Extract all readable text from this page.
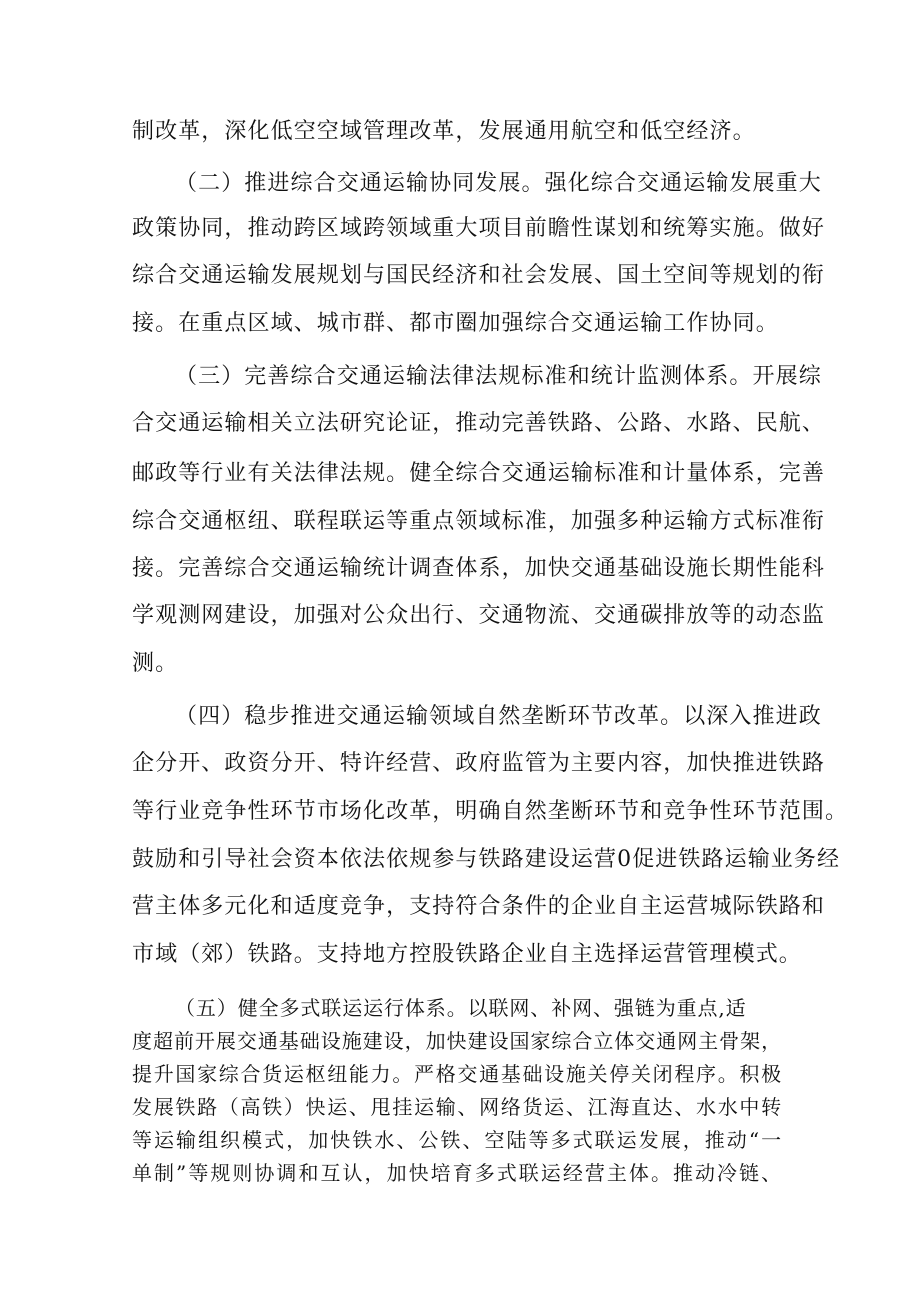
制改革，深化低空空域管理改革，发展通用航空和低空经济。

（二）推进综合交通运输协同发展。强化综合交通运输发展重大

政策协同，推动跨区域跨领域重大项目前瞻性谋划和统筹实施。做好

综合交通运输发展规划与国民经济和社会发展、国土空间等规划的衔

接。在重点区域、城市群、都市圈加强综合交通运输工作协同。

（三）完善综合交通运输法律法规标准和统计监测体系。开展综

合交通运输相关立法研究论证，推动完善铁路、公路、水路、民航、

邮政等行业有关法律法规。健全综合交通运输标准和计量体系，完善

综合交通枢纽、联程联运等重点领域标准，加强多种运输方式标准衔

接。完善综合交通运输统计调查体系，加快交通基础设施长期性能科

学观测网建设，加强对公众出行、交通物流、交通碳排放等的动态监

测。

（四）稳步推进交通运输领域自然垄断环节改革。以深入推进政

企分开、政资分开、特许经营、政府监管为主要内容，加快推进铁路

等行业竞争性环节市场化改革，明确自然垄断环节和竞争性环节范围。

鼓励和引导社会资本依法依规参与铁路建设运营0促进铁路运输业务经

营主体多元化和适度竞争，支持符合条件的企业自主运营城际铁路和

市域（郊）铁路。支持地方控股铁路企业自主选择运营管理模式。

（五）健全多式联运运行体系。以联网、补网、强链为重点,适

度超前开展交通基础设施建设，加快建设国家综合立体交通网主骨架，

提升国家综合货运枢纽能力。严格交通基础设施关停关闭程序。积极

发展铁路（高铁）快运、甩挂运输、网络货运、江海直达、水水中转

等运输组织模式，加快铁水、公铁、空陆等多式联运发展，推动“一

单制”等规则协调和互认，加快培育多式联运经营主体。推动冷链、
